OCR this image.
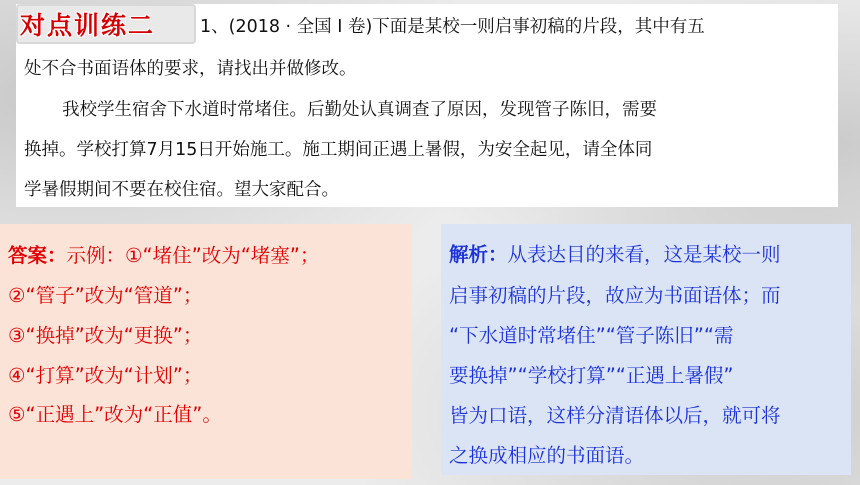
对点训练二	1、(2018 · 全国 Ⅰ 卷)下面是某校一则启事初稿的片段，其中有五
处不合书面语体的要求，请找出并做修改。
我校学生宿舍下水道时常堵住。后勤处认真调查了原因，发现管子陈旧，需要
换掉。学校打算7月15日开始施工。施工期间正遇上暑假，为安全起见，请全体同
学暑假期间不要在校住宿。望大家配合。
答案：示例：①“堵住”改为“堵塞”；
②“管子”改为“管道”；
③“换掉”改为“更换”；
④“打算”改为“计划”；
⑤“正遇上”改为“正值”。
解析：从表达目的来看，这是某校一则
启事初稿的片段，故应为书面语体；而
“下水道时常堵住”“管子陈旧”“需
要换掉”“学校打算”“正遇上暑假”
皆为口语，这样分清语体以后，就可将
之换成相应的书面语。
